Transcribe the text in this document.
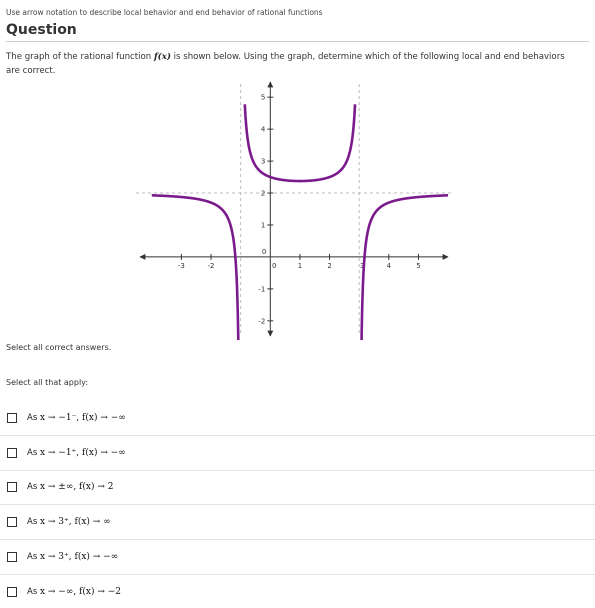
Use arrow notation to describe local behavior and end behavior of rational functions
Question
The graph of the rational function f(x) is shown below. Using the graph, determine which of the following local and end behaviors are correct.
-3	-2	1	2	4	5
0	3
-2
-1
1
2
3
4
5
0
Select all correct answers.
Select all that apply:
As x → −1⁻, f(x) → −∞
As x → −1⁺, f(x) → −∞
As x → ±∞, f(x) → 2
As x → 3⁺, f(x) → ∞
As x → 3⁺, f(x) → −∞
As x → −∞, f(x) → −2
